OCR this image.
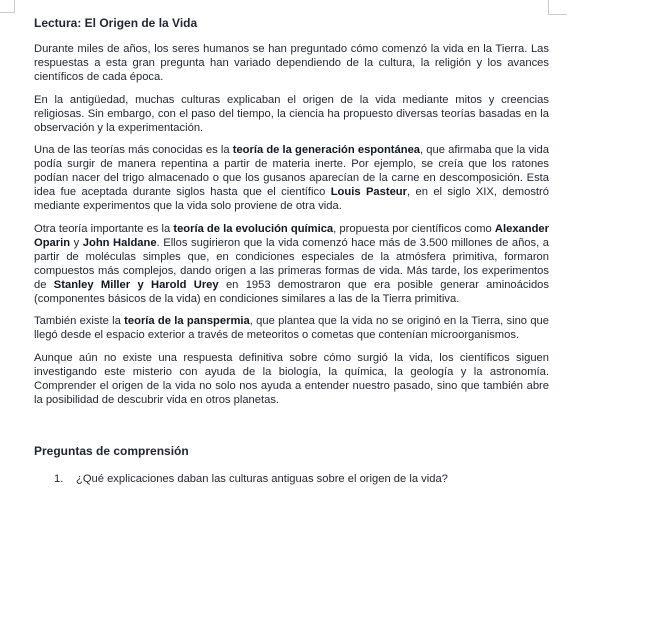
Lectura: El Origen de la Vida

Durante miles de años, los seres humanos se han preguntado cómo comenzó la vida en la Tierra. Las respuestas a esta gran pregunta han variado dependiendo de la cultura, la religión y los avances científicos de cada época.

En la antigüedad, muchas culturas explicaban el origen de la vida mediante mitos y creencias religiosas. Sin embargo, con el paso del tiempo, la ciencia ha propuesto diversas teorías basadas en la observación y la experimentación.

Una de las teorías más conocidas es la teoría de la generación espontánea, que afirmaba que la vida podía surgir de manera repentina a partir de materia inerte. Por ejemplo, se creía que los ratones podían nacer del trigo almacenado o que los gusanos aparecían de la carne en descomposición. Esta idea fue aceptada durante siglos hasta que el científico Louis Pasteur, en el siglo XIX, demostró mediante experimentos que la vida solo proviene de otra vida.

Otra teoría importante es la teoría de la evolución química, propuesta por científicos como Alexander Oparin y John Haldane. Ellos sugirieron que la vida comenzó hace más de 3.500 millones de años, a partir de moléculas simples que, en condiciones especiales de la atmósfera primitiva, formaron compuestos más complejos, dando origen a las primeras formas de vida. Más tarde, los experimentos de Stanley Miller y Harold Urey en 1953 demostraron que era posible generar aminoácidos (componentes básicos de la vida) en condiciones similares a las de la Tierra primitiva.

También existe la teoría de la panspermia, que plantea que la vida no se originó en la Tierra, sino que llegó desde el espacio exterior a través de meteoritos o cometas que contenían microorganismos.

Aunque aún no existe una respuesta definitiva sobre cómo surgió la vida, los científicos siguen investigando este misterio con ayuda de la biología, la química, la geología y la astronomía. Comprender el origen de la vida no solo nos ayuda a entender nuestro pasado, sino que también abre la posibilidad de descubrir vida en otros planetas.

Preguntas de comprensión
1.	¿Qué explicaciones daban las culturas antiguas sobre el origen de la vida?
